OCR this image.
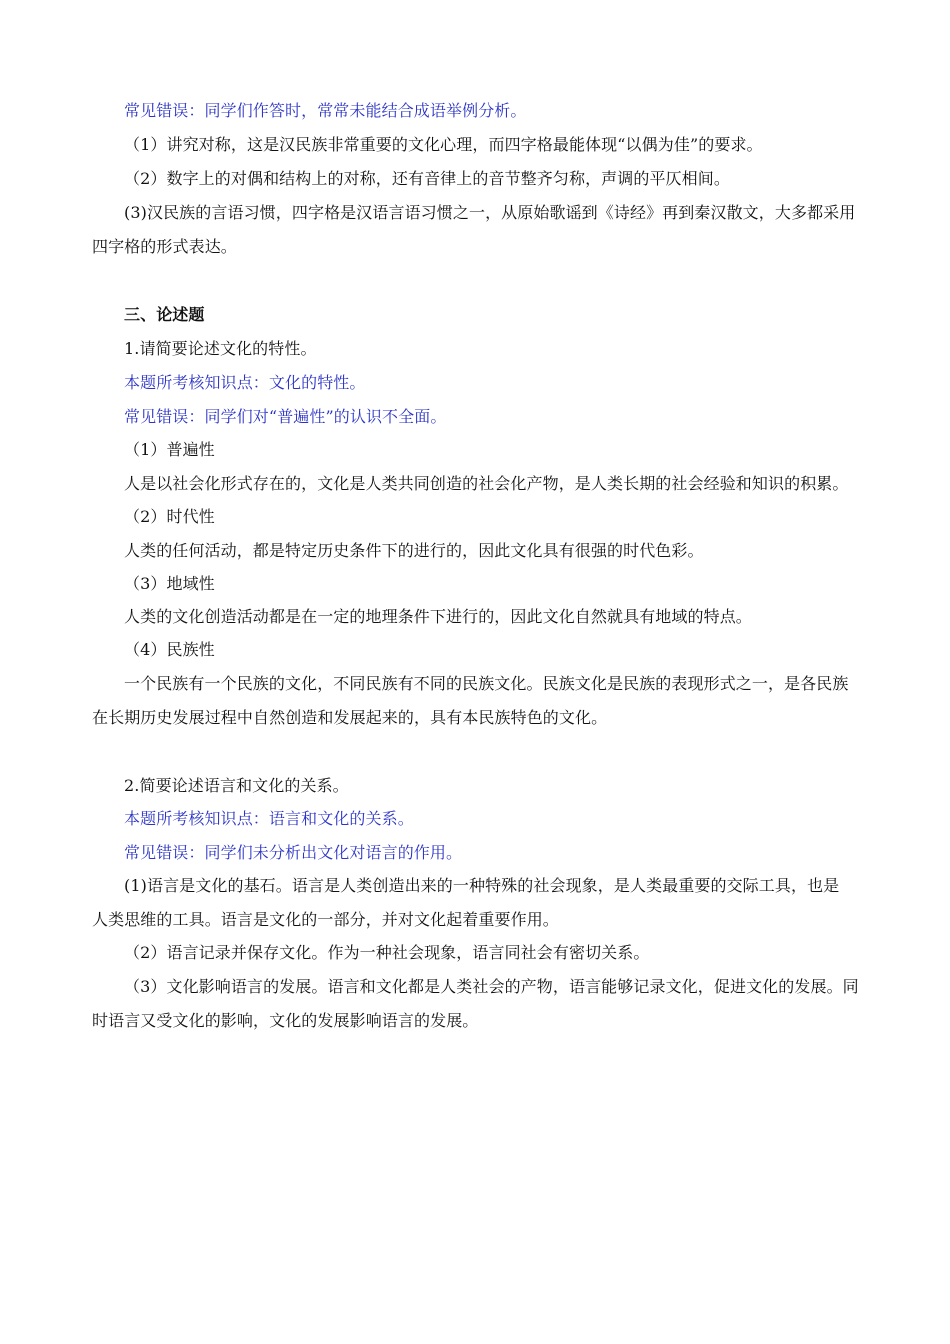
常见错误：同学们作答时，常常未能结合成语举例分析。
（1）讲究对称，这是汉民族非常重要的文化心理，而四字格最能体现“以偶为佳”的要求。
（2）数字上的对偶和结构上的对称，还有音律上的音节整齐匀称，声调的平仄相间。
(3)汉民族的言语习惯，四字格是汉语言语习惯之一，从原始歌谣到《诗经》再到秦汉散文，大多都采用
四字格的形式表达。
三、论述题
1.请简要论述文化的特性。
本题所考核知识点：文化的特性。
常见错误：同学们对“普遍性”的认识不全面。
（1）普遍性
人是以社会化形式存在的，文化是人类共同创造的社会化产物，是人类长期的社会经验和知识的积累。
（2）时代性
人类的任何活动，都是特定历史条件下的进行的，因此文化具有很强的时代色彩。
（3）地域性
人类的文化创造活动都是在一定的地理条件下进行的，因此文化自然就具有地域的特点。
（4）民族性
一个民族有一个民族的文化，不同民族有不同的民族文化。民族文化是民族的表现形式之一，是各民族
在长期历史发展过程中自然创造和发展起来的，具有本民族特色的文化。
2.简要论述语言和文化的关系。
本题所考核知识点：语言和文化的关系。
常见错误：同学们未分析出文化对语言的作用。
(1)语言是文化的基石。语言是人类创造出来的一种特殊的社会现象，是人类最重要的交际工具，也是
人类思维的工具。语言是文化的一部分，并对文化起着重要作用。
（2）语言记录并保存文化。作为一种社会现象，语言同社会有密切关系。
（3）文化影响语言的发展。语言和文化都是人类社会的产物，语言能够记录文化，促进文化的发展。同
时语言又受文化的影响，文化的发展影响语言的发展。
